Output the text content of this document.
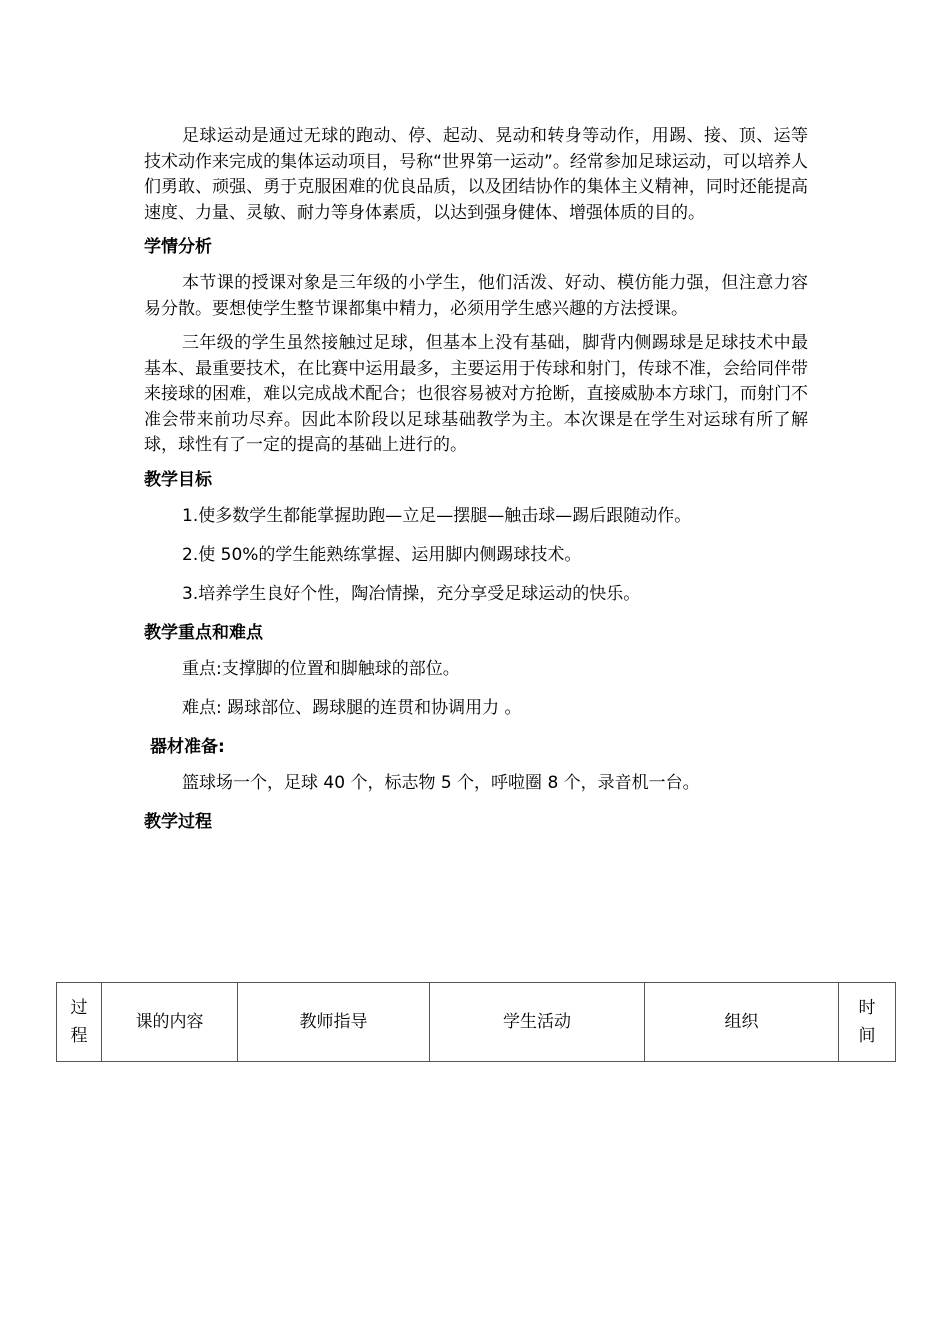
足球运动是通过无球的跑动、停、起动、晃动和转身等动作，用踢、接、顶、运等技术动作来完成的集体运动项目，号称“世界第一运动”。经常参加足球运动，可以培养人们勇敢、顽强、勇于克服困难的优良品质，以及团结协作的集体主义精神，同时还能提高速度、力量、灵敏、耐力等身体素质，以达到强身健体、增强体质的目的。

学情分析

本节课的授课对象是三年级的小学生，他们活泼、好动、模仿能力强，但注意力容易分散。要想使学生整节课都集中精力，必须用学生感兴趣的方法授课。

三年级的学生虽然接触过足球，但基本上没有基础，脚背内侧踢球是足球技术中最基本、最重要技术，在比赛中运用最多，主要运用于传球和射门，传球不准，会给同伴带来接球的困难，难以完成战术配合；也很容易被对方抢断，直接威胁本方球门，而射门不准会带来前功尽弃。因此本阶段以足球基础教学为主。本次课是在学生对运球有所了解球，球性有了一定的提高的基础上进行的。

教学目标
1.使多数学生都能掌握助跑—立足—摆腿—触击球—踢后跟随动作。
2.使 50%的学生能熟练掌握、运用脚内侧踢球技术。
3.培养学生良好个性，陶冶情操，充分享受足球运动的快乐。
教学重点和难点
重点:支撑脚的位置和脚触球的部位。
难点: 踢球部位、踢球腿的连贯和协调用力 。
器材准备:
篮球场一个，足球 40 个，标志物 5 个，呼啦圈 8 个，录音机一台。
教学过程
过程	课的内容	教师指导	学生活动	组织	时间
